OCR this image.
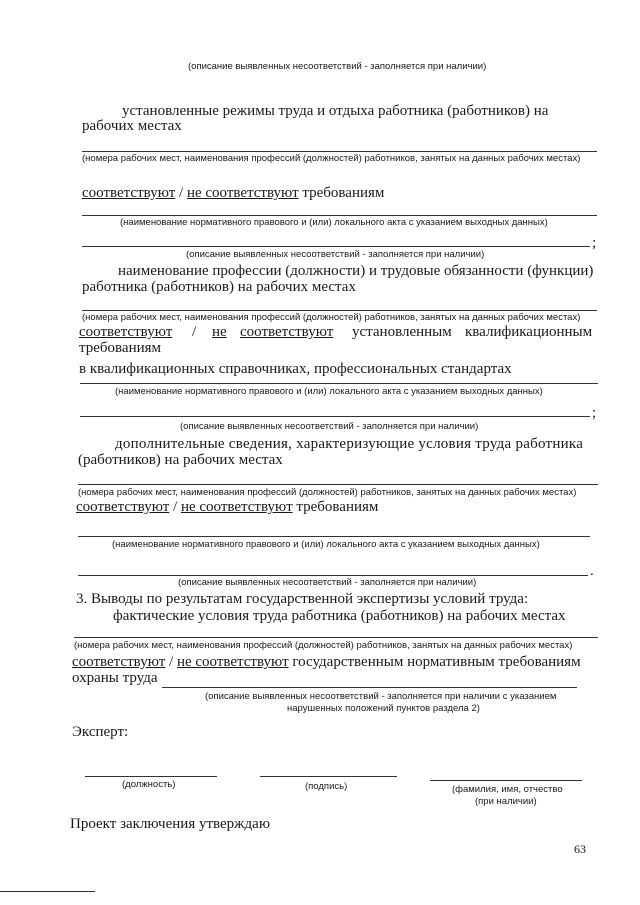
(описание выявленных несоответствий - заполняется при наличии)
установленные режимы труда и отдыха работника (работников) на
рабочих местах
(номера рабочих мест, наименования профессий (должностей) работников, занятых на данных рабочих местах)
соответствуют / не соответствуют требованиям
(наименование нормативного правового и (или) локального акта с указанием выходных данных)
;
(описание выявленных несоответствий - заполняется при наличии)
наименование профессии (должности) и трудовые обязанности (функции)
работника (работников) на рабочих местах
(номера рабочих мест, наименования профессий (должностей) работников, занятых на данных рабочих местах)
соответствуют / не соответствуют установленным квалификационным
требованиям
в квалификационных справочниках, профессиональных стандартах
(наименование нормативного правового и (или) локального акта с указанием выходных данных)
;
(описание выявленных несоответствий - заполняется при наличии)
дополнительные сведения, характеризующие условия труда работника
(работников) на рабочих местах
(номера рабочих мест, наименования профессий (должностей) работников, занятых на данных рабочих местах)
соответствуют / не соответствуют требованиям
(наименование нормативного правового и (или) локального акта с указанием выходных данных)
.
(описание выявленных несоответствий - заполняется при наличии)
3. Выводы по результатам государственной экспертизы условий труда:
фактические условия труда работника (работников) на рабочих местах
(номера рабочих мест, наименования профессий (должностей) работников, занятых на данных рабочих местах)
соответствуют / не соответствуют государственным нормативным требованиям
охраны труда
(описание выявленных несоответствий - заполняется при наличии с указанием
нарушенных положений пунктов раздела 2)
Эксперт:
(должность)	(подпись)	(фамилия, имя, отчество
(при наличии)
Проект заключения утверждаю
63
